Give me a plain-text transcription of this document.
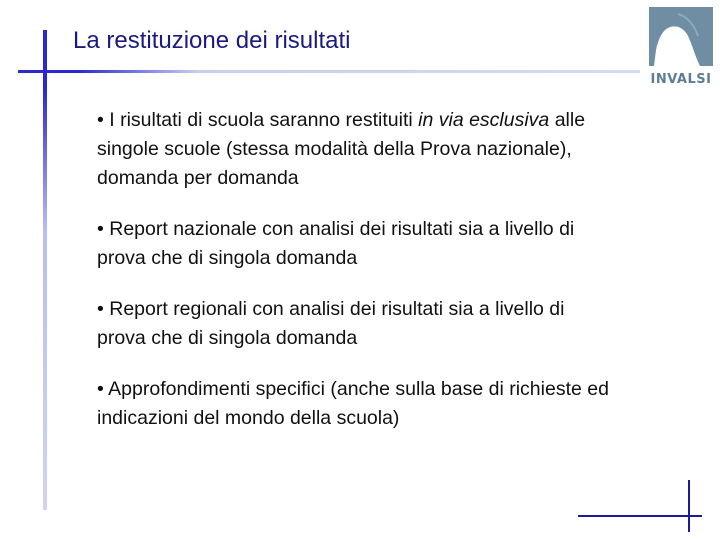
La restituzione dei risultati
INVALSI
• I risultati di scuola saranno restituiti in via esclusiva alle singole scuole (stessa modalità della Prova nazionale), domanda per domanda
• Report nazionale con analisi dei risultati sia a livello di prova che di singola domanda
• Report regionali con analisi dei risultati sia a livello di prova che di singola domanda
• Approfondimenti specifici (anche sulla base di richieste ed indicazioni del mondo della scuola)
